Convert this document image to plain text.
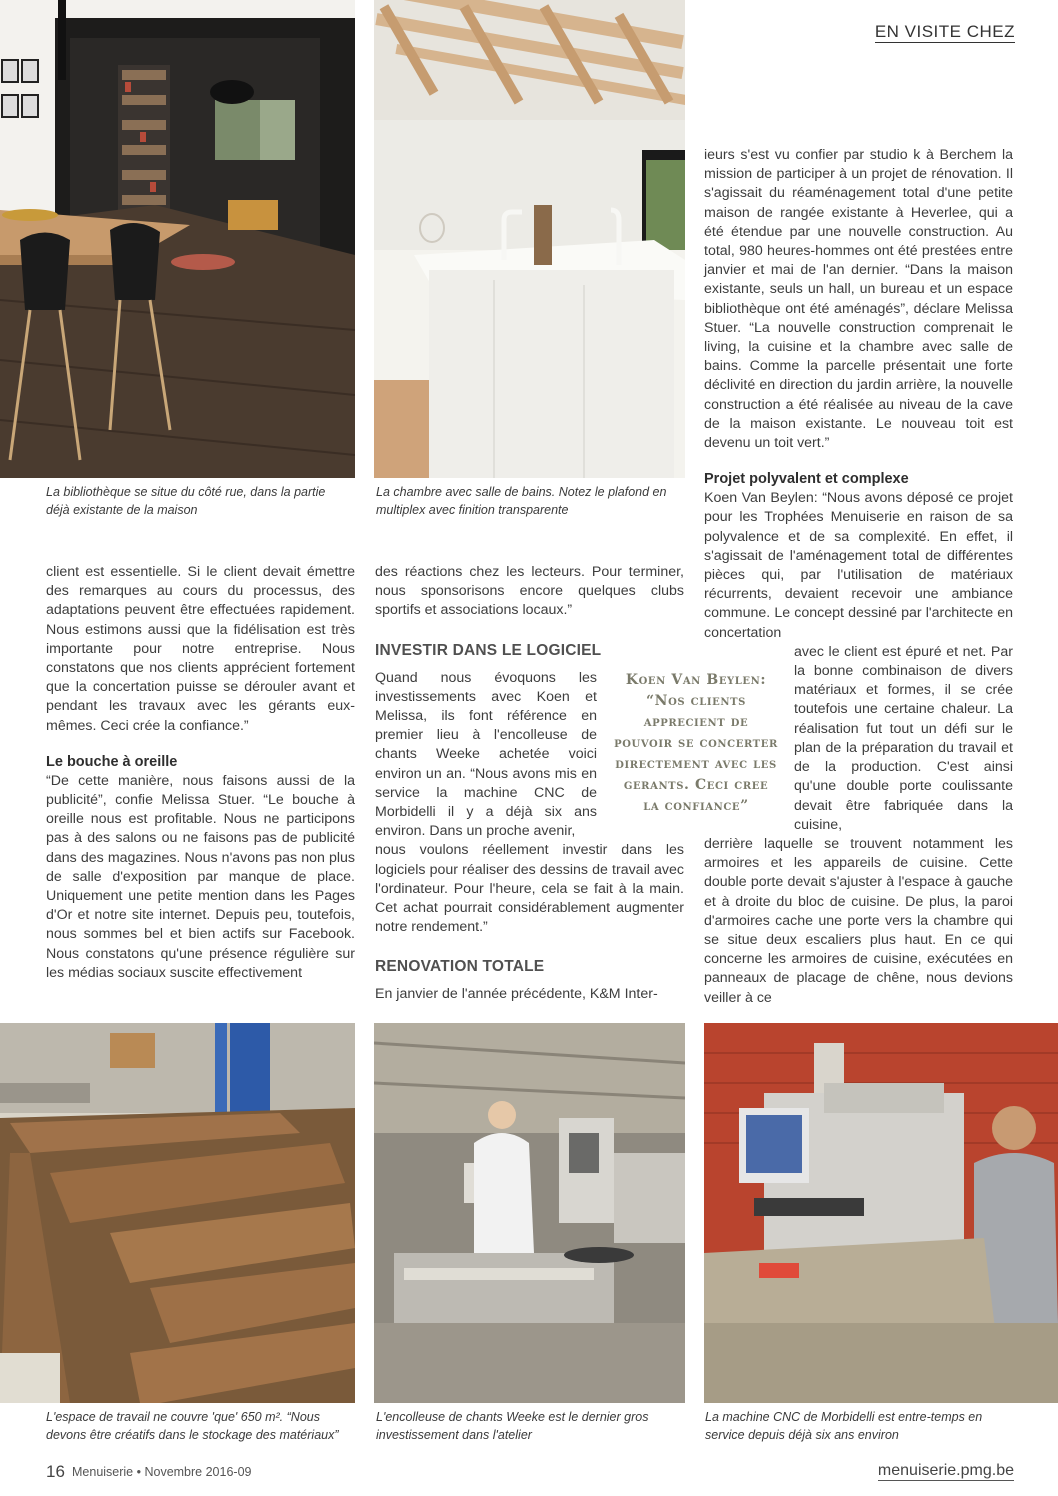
EN VISITE CHEZ
La bibliothèque se situe du côté rue, dans la partie déjà existante de la maison
La chambre avec salle de bains. Notez le plafond en multiplex avec finition transparente

client est essentielle. Si le client devait émettre des remarques au cours du processus, des adaptations peuvent être effectuées rapidement. Nous estimons aussi que la fidélisation est très importante pour notre entreprise. Nous constatons que nos clients apprécient fortement que la concertation puisse se dérouler avant et pendant les travaux avec les gérants eux-mêmes. Ceci crée la confiance.”

Le bouche à oreille

“De cette manière, nous faisons aussi de la publicité”, confie Melissa Stuer. “Le bouche à oreille nous est profitable. Nous ne participons pas à des salons ou ne faisons pas de publicité dans des magazines. Nous n'avons pas non plus de salle d'exposition par manque de place. Uniquement une petite mention dans les Pages d'Or et notre site internet. Depuis peu, toutefois, nous sommes bel et bien actifs sur Facebook. Nous constatons qu'une présence régulière sur les médias sociaux suscite effectivement

des réactions chez les lecteurs. Pour terminer, nous sponsorisons encore quelques clubs sportifs et associations locaux.”

INVESTIR DANS LE LOGICIEL

Quand nous évoquons les investissements avec Koen et Melissa, ils font référence en premier lieu à l'encolleuse de chants Weeke achetée voici environ un an. “Nous avons mis en service la machine CNC de Morbidelli il y a déjà six ans environ. Dans un proche avenir,

nous voulons réellement investir dans les logiciels pour réaliser des dessins de travail avec l'ordinateur. Pour l'heure, cela se fait à la main. Cet achat pourrait considérablement augmenter notre rendement.”

RENOVATION TOTALE

En janvier de l'année précédente, K&M Inter-

Koen Van Beylen:
“Nos clients
apprecient de
pouvoir se concerter
directement avec les
gerants. Ceci cree
la confiance”

ieurs s'est vu confier par studio k à Berchem la mission de participer à un projet de rénovation. Il s'agissait du réaménagement total d'une petite maison de rangée existante à Heverlee, qui a été étendue par une nouvelle construction. Au total, 980 heures-hommes ont été prestées entre janvier et mai de l'an dernier. “Dans la maison existante, seuls un hall, un bureau et un espace bibliothèque ont été aménagés”, déclare Melissa Stuer. “La nouvelle construction comprenait le living, la cuisine et la chambre avec salle de bains. Comme la parcelle présentait une forte déclivité en direction du jardin arrière, la nouvelle construction a été réalisée au niveau de la cave de la maison existante. Le nouveau toit est devenu un toit vert.”

Projet polyvalent et complexe

Koen Van Beylen: “Nous avons déposé ce projet pour les Trophées Menuiserie en raison de sa polyvalence et de sa complexité. En effet, il s'agissait de l'aménagement total de différentes pièces qui, par l'utilisation de matériaux récurrents, devaient recevoir une ambiance commune. Le concept dessiné par l'architecte en concertation

avec le client est épuré et net. Par la bonne combinaison de divers matériaux et formes, il se crée toutefois une certaine chaleur. La réalisation fut tout un défi sur le plan de la préparation du travail et de la production. C'est ainsi qu'une double porte coulissante devait être fabriquée dans la cuisine,

derrière laquelle se trouvent notamment les armoires et les appareils de cuisine. Cette double porte devait s'ajuster à l'espace à gauche et à droite du bloc de cuisine. De plus, la paroi d'armoires cache une porte vers la chambre qui se situe deux escaliers plus haut. En ce qui concerne les armoires de cuisine, exécutées en panneaux de placage de chêne, nous devions veiller à ce

L'espace de travail ne couvre 'que' 650 m². “Nous devons être créatifs dans le stockage des matériaux”
L'encolleuse de chants Weeke est le dernier gros investissement dans l'atelier
La machine CNC de Morbidelli est entre-temps en service depuis déjà six ans environ
16 Menuiserie • Novembre 2016-09	menuiserie.pmg.be
